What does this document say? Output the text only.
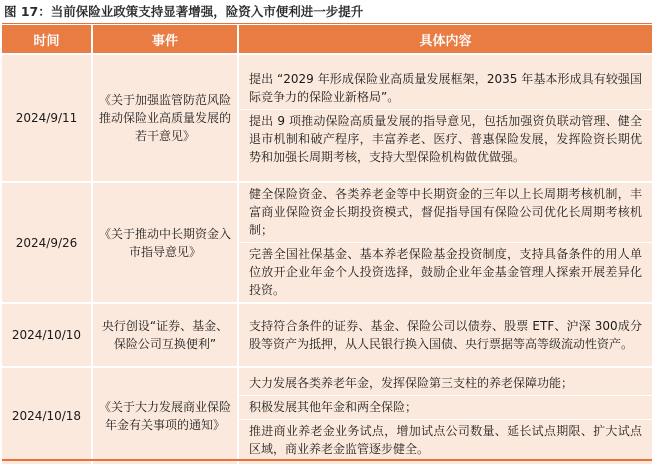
图 17：当前保险业政策支持显著增强，险资入市便利进一步提升
时间	事件	具体内容
2024/9/11	《关于加强监管防范风险推动保险业高质量发展的若干意见》	提出 “2029 年形成保险业高质量发展框架，2035 年基本形成具有较强国际竞争力的保险业新格局”。
提出 9 项推动保险高质量发展的指导意见，包括加强资负联动管理、健全退市机制和破产程序，丰富养老、医疗、普惠保险发展，发挥险资长期优势和加强长周期考核，支持大型保险机构做优做强。

2024/9/26	《关于推动中长期资金入市指导意见》	健全保险资金、各类养老金等中长期资金的三年以上长周期考核机制，丰富商业保险资金长期投资模式，督促指导国有保险公司优化长周期考核机制；
完善全国社保基金、基本养老保险基金投资制度，支持具备条件的用人单位放开企业年金个人投资选择，鼓励企业年金基金管理人探索开展差异化投资。

2024/10/10	央行创设“证券、基金、保险公司互换便利”	支持符合条件的证券、基金、保险公司以债券、股票 ETF、沪深 300成分股等资产为抵押，从人民银行换入国债、央行票据等高等级流动性资产。

2024/10/18	《关于大力发展商业保险年金有关事项的通知》	大力发展各类养老年金，发挥保险第三支柱的养老保障功能；
积极发展其他年金和两全保险；
推进商业养老金业务试点，增加试点公司数量、延长试点期限、扩大试点区域，商业养老金监管逐步健全。
